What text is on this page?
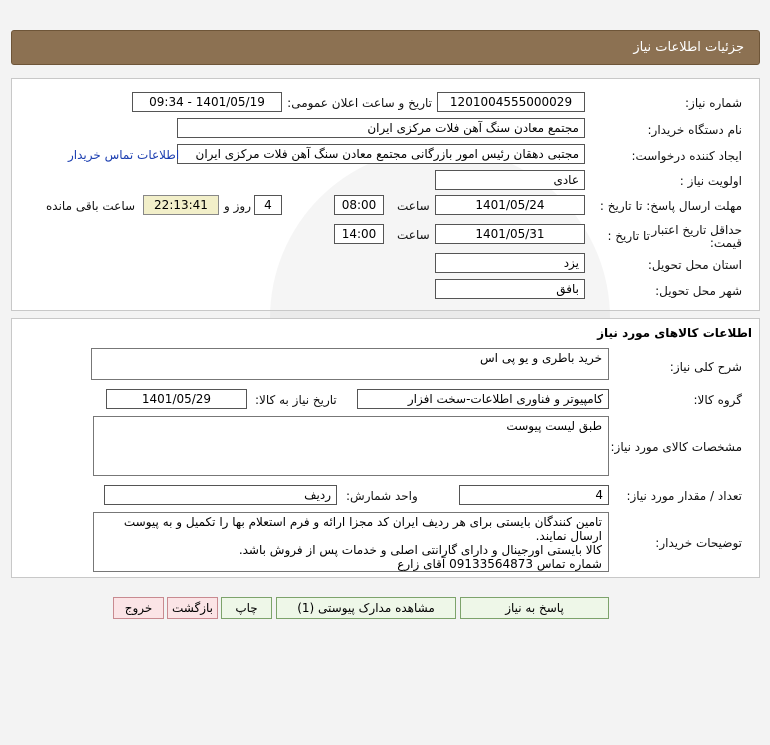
جزئیات اطلاعات نیاز
شماره نیاز:
1201004555000029
تاریخ و ساعت اعلان عمومی:
1401/05/19 - 09:34
نام دستگاه خریدار:
مجتمع معادن سنگ آهن فلات مرکزی ایران
ایجاد کننده درخواست:
مجتبی دهقان رئیس امور بازرگانی مجتمع معادن سنگ آهن فلات مرکزی ایران
اطلاعات تماس خریدار
اولویت نیاز :
عادی
مهلت ارسال پاسخ: تا تاریخ :
1401/05/24
ساعت
08:00
4
روز و
22:13:41
ساعت باقی مانده
حداقل تاریخ اعتبار
قیمت:
تا تاریخ :
1401/05/31
ساعت
14:00
استان محل تحویل:
یزد
شهر محل تحویل:
بافق
اطلاعات کالاهای مورد نیاز
شرح کلی نیاز:
خرید باطری و یو پی اس
گروه کالا:
کامپیوتر و فناوری اطلاعات-سخت افزار
تاریخ نیاز به کالا:
1401/05/29
مشخصات کالای مورد نیاز:
طبق لیست پیوست
تعداد / مقدار مورد نیاز:
4
واحد شمارش:
ردیف
توضیحات خریدار:
تامین کنندگان بایستی برای هر ردیف ایران کد مجزا ارائه و فرم استعلام بها را تکمیل و به پیوست ارسال نمایند.
کالا بایستی اورجینال و دارای گارانتی اصلی و خدمات پس از فروش باشد.
شماره تماس 09133564873 آقای زارع
پاسخ به نیاز
مشاهده مدارک پیوستی (1)
چاپ
بازگشت
خروج
